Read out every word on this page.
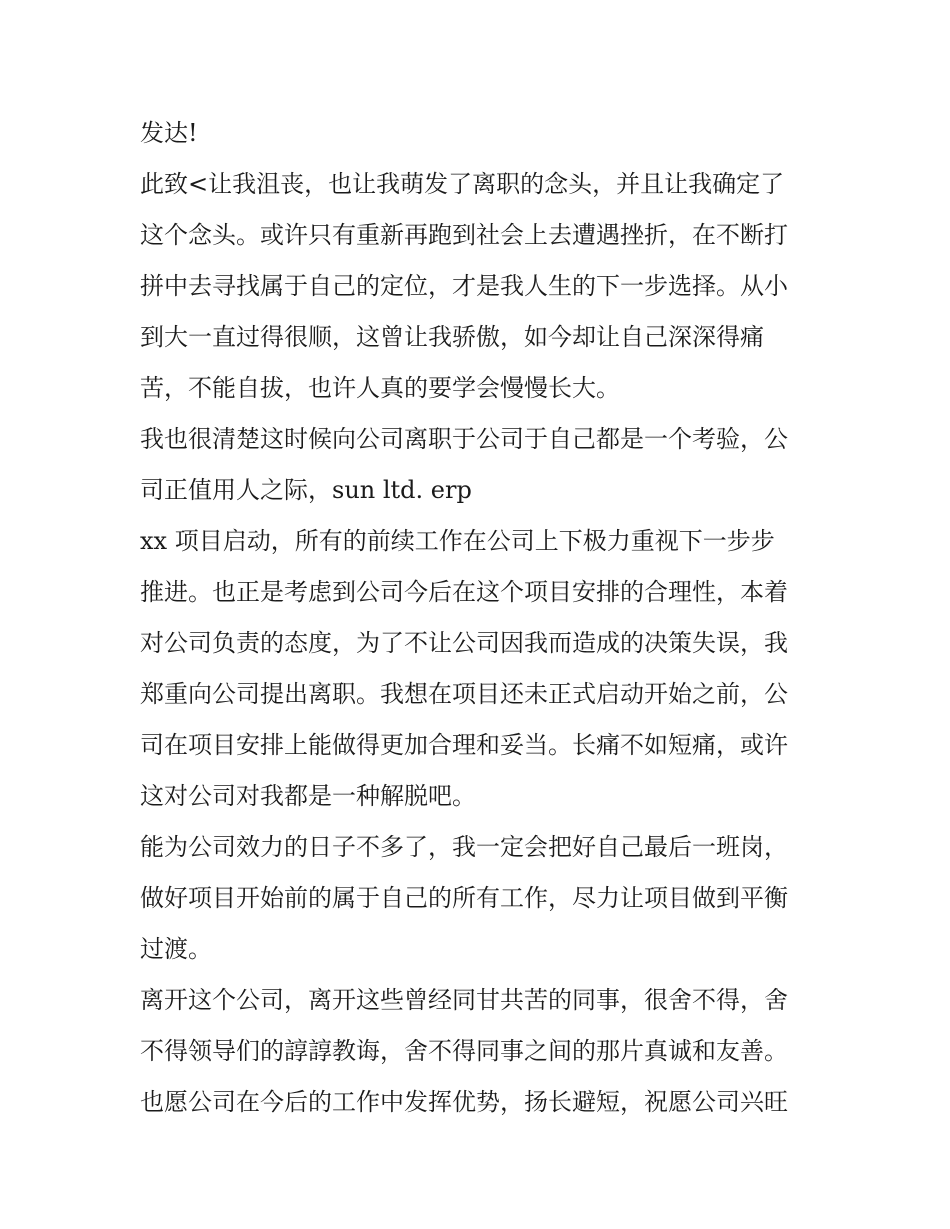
发达!
此致<让我沮丧，也让我萌发了离职的念头，并且让我确定了
这个念头。或许只有重新再跑到社会上去遭遇挫折，在不断打
拼中去寻找属于自己的定位，才是我人生的下一步选择。从小
到大一直过得很顺，这曾让我骄傲，如今却让自己深深得痛
苦，不能自拔，也许人真的要学会慢慢长大。
我也很清楚这时候向公司离职于公司于自己都是一个考验，公
司正值用人之际，sun ltd. erp
xx 项目启动，所有的前续工作在公司上下极力重视下一步步
推进。也正是考虑到公司今后在这个项目安排的合理性，本着
对公司负责的态度，为了不让公司因我而造成的决策失误，我
郑重向公司提出离职。我想在项目还未正式启动开始之前，公
司在项目安排上能做得更加合理和妥当。长痛不如短痛，或许
这对公司对我都是一种解脱吧。
能为公司效力的日子不多了，我一定会把好自己最后一班岗，
做好项目开始前的属于自己的所有工作，尽力让项目做到平衡
过渡。
离开这个公司，离开这些曾经同甘共苦的同事，很舍不得，舍
不得领导们的諄諄教诲，舍不得同事之间的那片真诚和友善。
也愿公司在今后的工作中发挥优势，扬长避短，祝愿公司兴旺
